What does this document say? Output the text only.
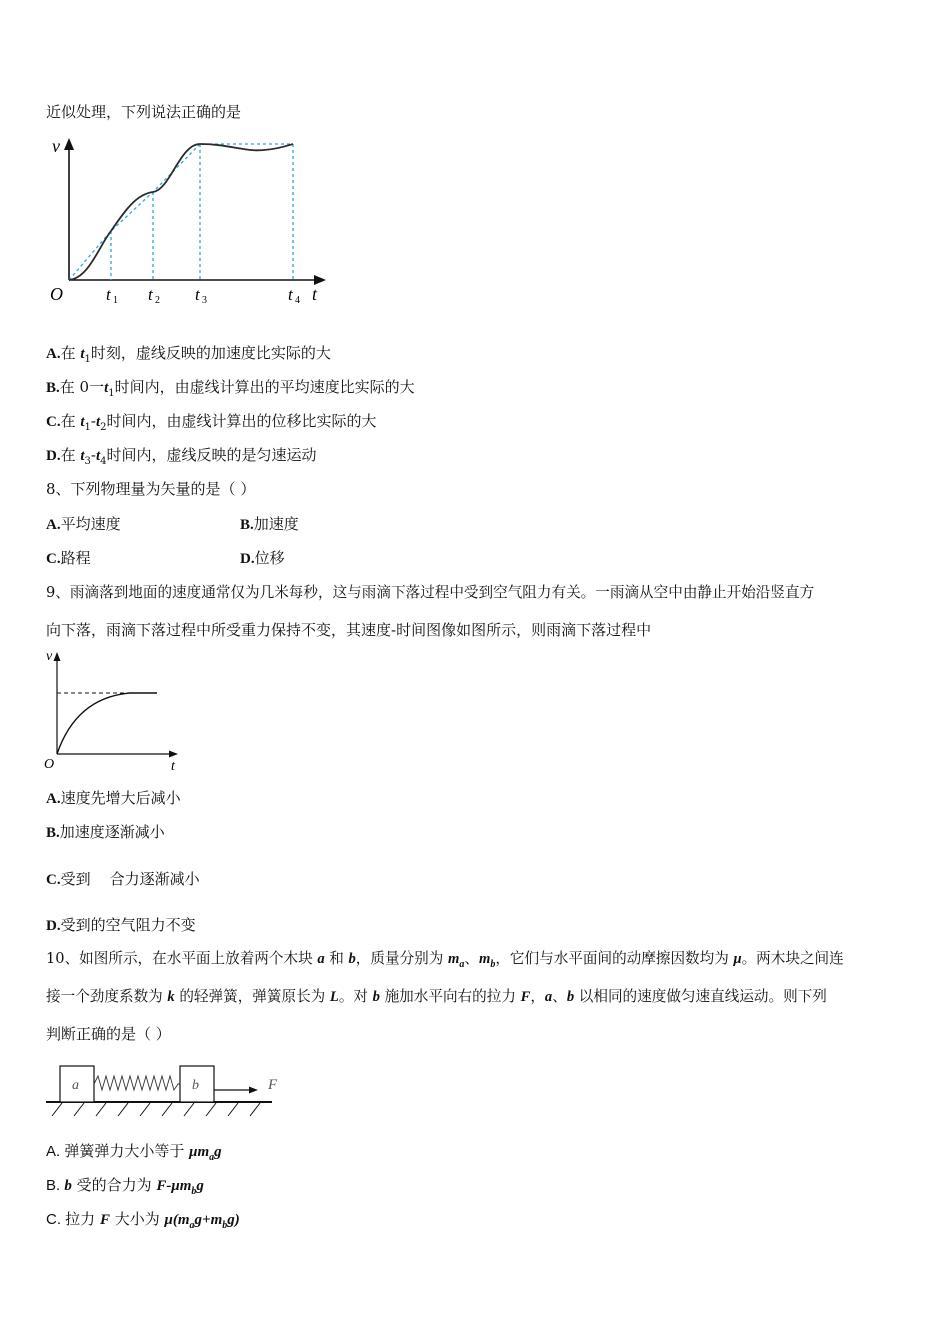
近似处理，下列说法正确的是
v
O	t
t 1 t 2 t 3	t 4
A.在 $t_1$时刻，虚线反映的加速度比实际的大
B.在 0一$t_1$时间内，由虚线计算出的平均速度比实际的大
C.在 $t_1-t_2$时间内，由虚线计算出的位移比实际的大
D.在 $t_3-t_4$时间内，虚线反映的是匀速运动
8、下列物理量为矢量的是（ ）
A.平均速度	B.加速度
C.路程	D.位移
9、雨滴落到地面的速度通常仅为几米每秒，这与雨滴下落过程中受到空气阻力有关。一雨滴从空中由静止开始沿竖直方
向下落，雨滴下落过程中所受重力保持不变，其速度-时间图像如图所示，则雨滴下落过程中
v
O	t
A.速度先增大后减小
B.加速度逐渐减小
C.受到    合力逐渐减小
D.受到的空气阻力不变
10、如图所示，在水平面上放着两个木块 a 和 b，质量分别为 $m_a$、$m_b$，它们与水平面间的动摩擦因数均为 μ。两木块之间连
接一个劲度系数为 k 的轻弹簧，弹簧原长为 L。对 b 施加水平向右的拉力 F，a、b 以相同的速度做匀速直线运动。则下列
判断正确的是（ ）
a	b	F
A. 弹簧弹力大小等于 $\mu m_ag$
B. b 受的合力为 $F-\mu m_bg$
C. 拉力 F 大小为 $\mu(m_ag+m_bg)$
